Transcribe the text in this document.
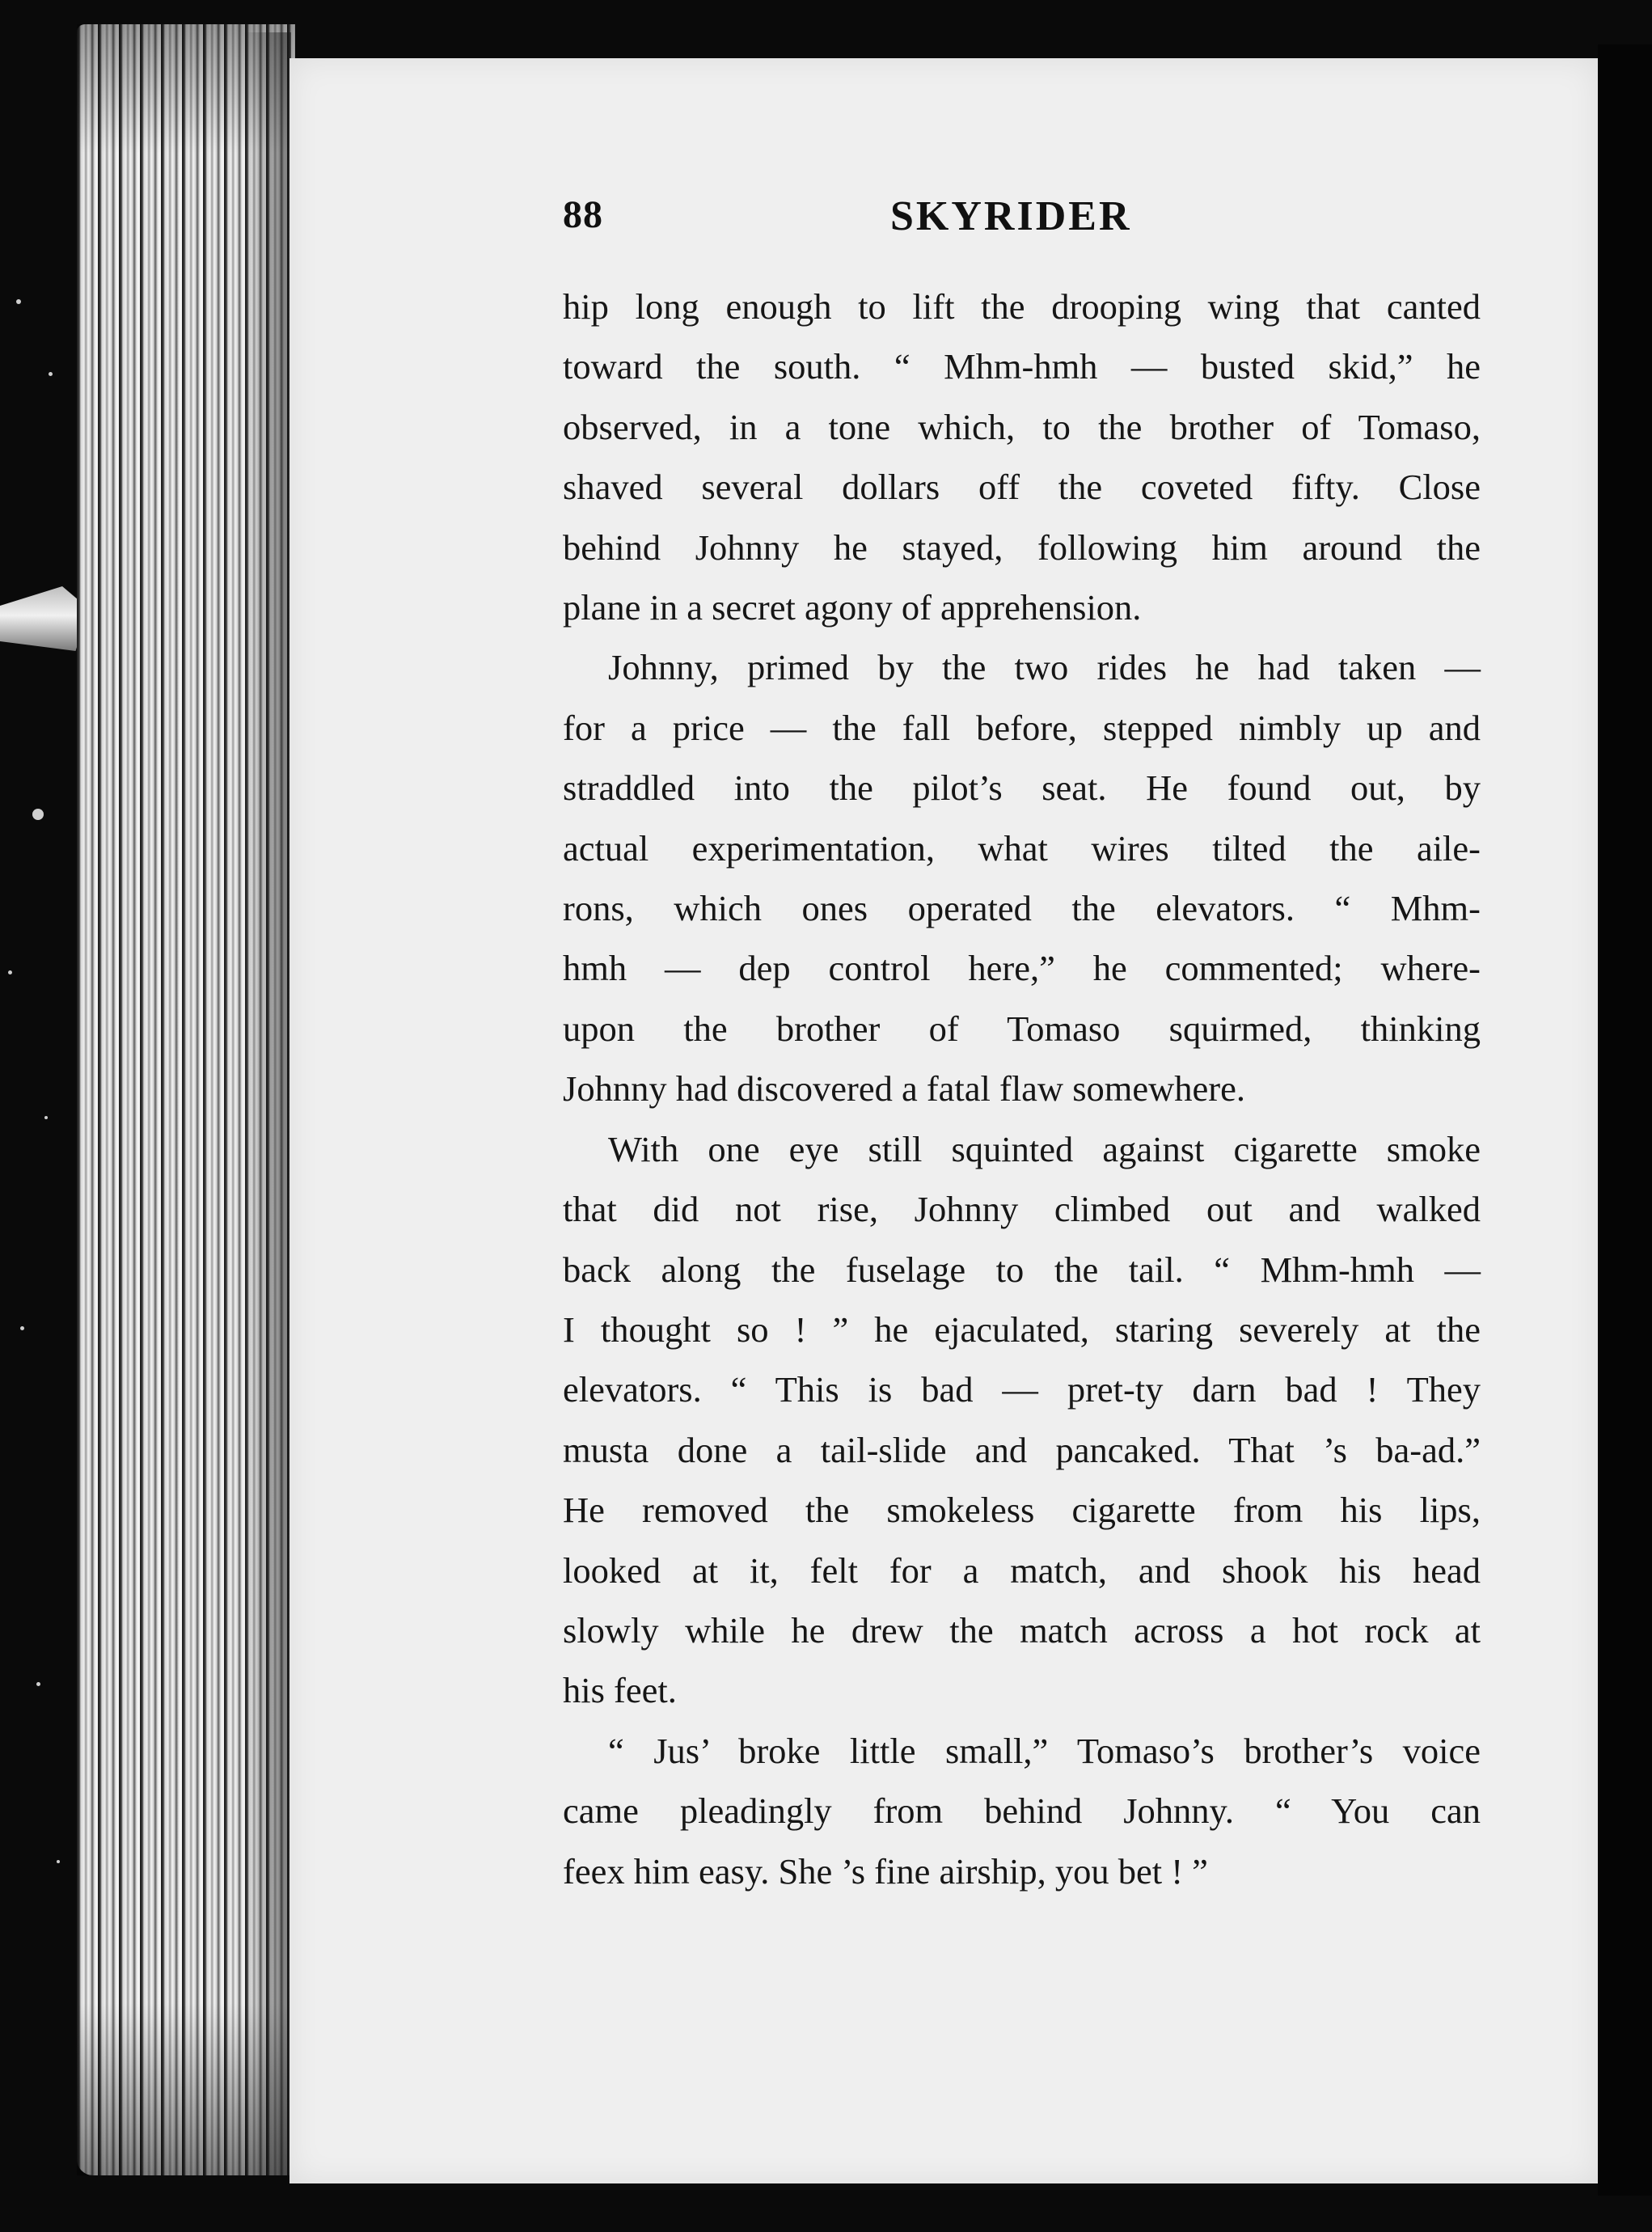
88	SKYRIDER

hip long enough to lift the drooping wing that canted
toward the south. “ Mhm-hmh — busted skid,” he
observed, in a tone which, to the brother of Tomaso,
shaved several dollars off the coveted fifty. Close
behind Johnny he stayed, following him around the
plane in a secret agony of apprehension.

Johnny, primed by the two rides he had taken —
for a price — the fall before, stepped nimbly up and
straddled into the pilot’s seat. He found out, by
actual experimentation, what wires tilted the aile-
rons, which ones operated the elevators. “ Mhm-
hmh — dep control here,” he commented; where-
upon the brother of Tomaso squirmed, thinking
Johnny had discovered a fatal flaw somewhere.

With one eye still squinted against cigarette smoke
that did not rise, Johnny climbed out and walked
back along the fuselage to the tail. “ Mhm-hmh —
I thought so ! ” he ejaculated, staring severely at the
elevators. “ This is bad — pret-ty darn bad ! They
musta done a tail-slide and pancaked. That ’s ba-ad.”
He removed the smokeless cigarette from his lips,
looked at it, felt for a match, and shook his head
slowly while he drew the match across a hot rock at
his feet.

“ Jus’ broke little small,” Tomaso’s brother’s voice
came pleadingly from behind Johnny. “ You can
feex him easy. She ’s fine airship, you bet ! ”
